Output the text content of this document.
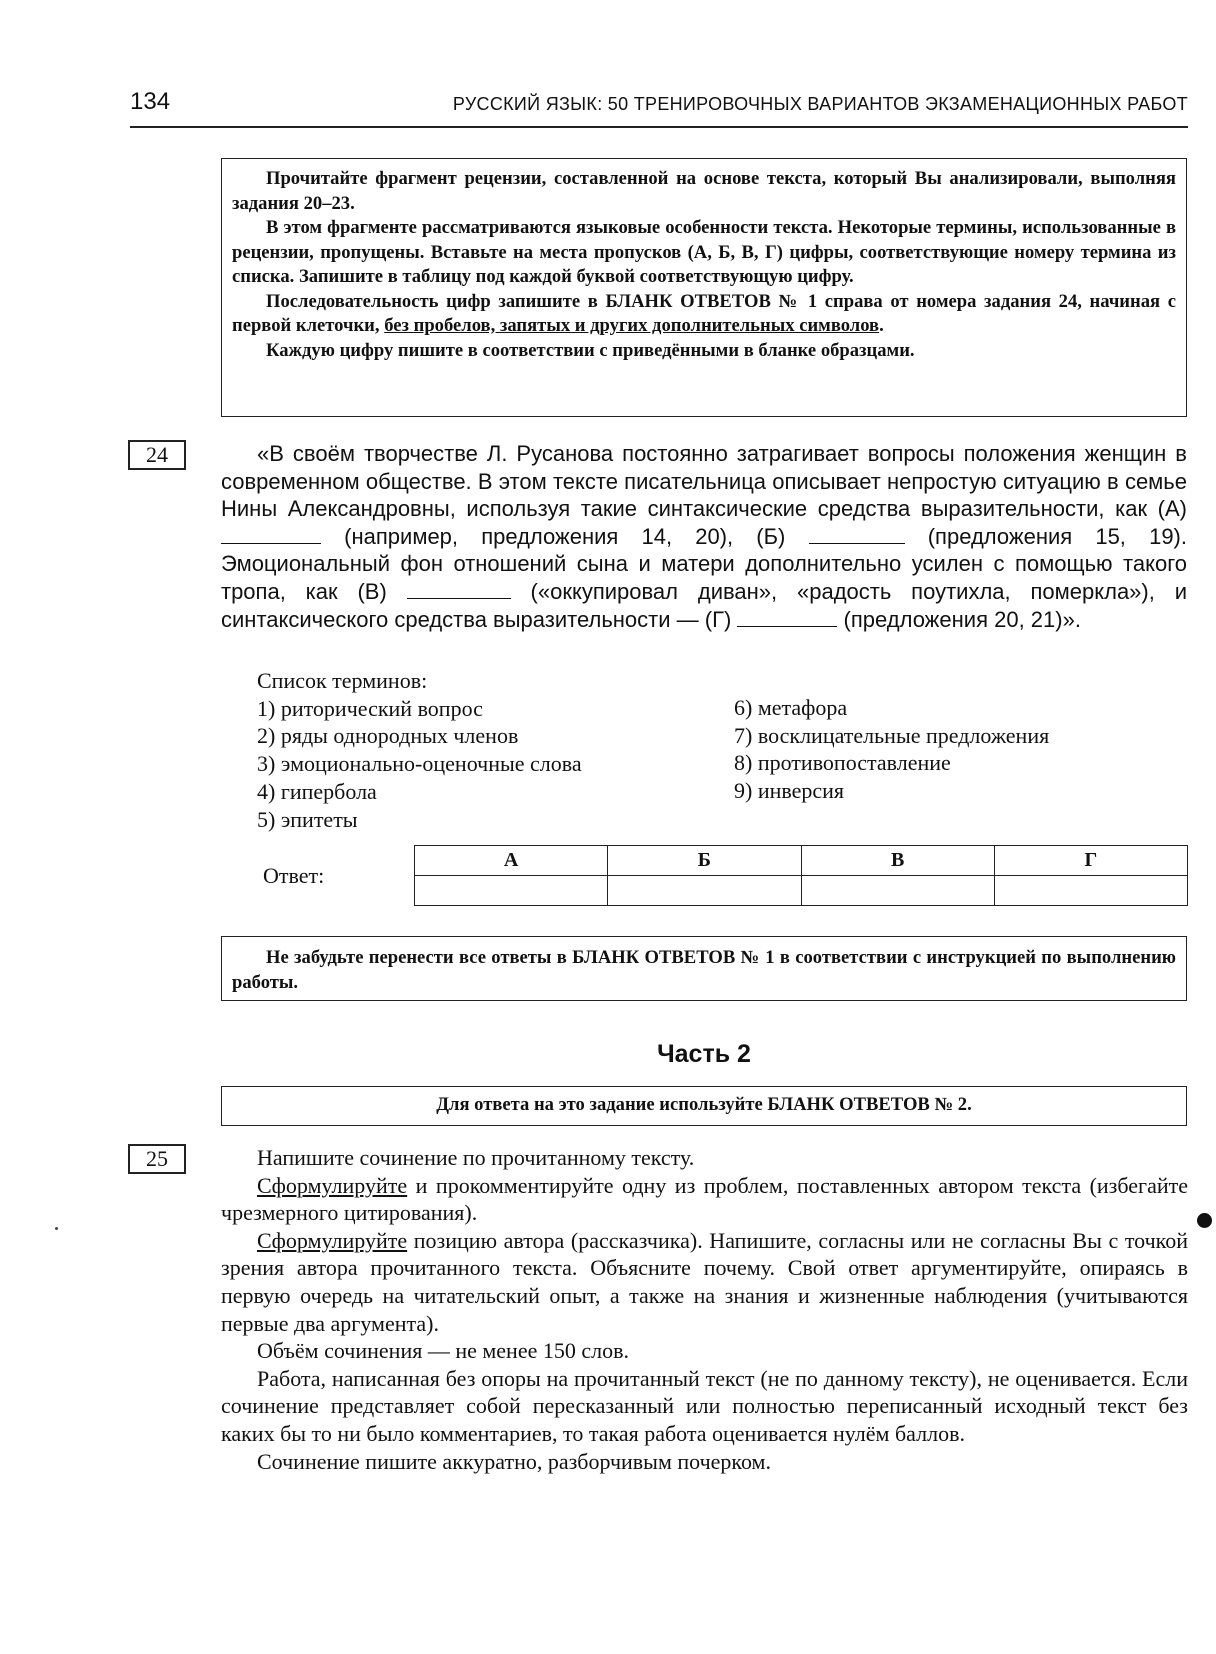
134	РУССКИЙ ЯЗЫК: 50 ТРЕНИРОВОЧНЫХ ВАРИАНТОВ ЭКЗАМЕНАЦИОННЫХ РАБОТ

Прочитайте фрагмент рецензии, составленной на основе текста, который Вы анализировали, выполняя задания 20–23.

В этом фрагменте рассматриваются языковые особенности текста. Некоторые термины, использованные в рецензии, пропущены. Вставьте на места пропусков (А, Б, В, Г) цифры, соответствующие номеру термина из списка. Запишите в таблицу под каждой буквой соответствующую цифру.

Последовательность цифр запишите в БЛАНК ОТВЕТОВ № 1 справа от номера задания 24, начиная с первой клеточки, без пробелов, запятых и других дополнительных символов.

Каждую цифру пишите в соответствии с приведёнными в бланке образцами.

24	«В своём творчестве Л. Русанова постоянно затрагивает вопросы положения женщин в современном обществе. В этом тексте писательница описывает непростую ситуацию в семье Нины Александровны, используя такие синтаксические средства выразительности, как (А)  (например, предложения 14, 20), (Б)	(предложения 15, 19). Эмоциональный фон отношений сына и матери дополнительно усилен с помощью такого тропа, как (В)	(«оккупировал диван», «радость поутихла, померкла»), и синтаксического средства выразительности — (Г)	(предложения 20, 21)».

Список терминов:
1) риторический вопрос
2) ряды однородных членов
3) эмоционально-оценочные слова
4) гипербола
5) эпитеты
6) метафора
7) восклицательные предложения
8) противопоставление
9) инверсия
Ответ:
А	Б	В	Г

Не забудьте перенести все ответы в БЛАНК ОТВЕТОВ № 1 в соответствии с инструкцией по выполнению работы.

Часть 2
Для ответа на это задание используйте БЛАНК ОТВЕТОВ № 2.
25	Напишите сочинение по прочитанному тексту.

Сформулируйте и прокомментируйте одну из проблем, поставленных автором текста (избегайте чрезмерного цитирования).

Сформулируйте позицию автора (рассказчика). Напишите, согласны или не согласны Вы с точкой зрения автора прочитанного текста. Объясните почему. Свой ответ аргументируйте, опираясь в первую очередь на читательский опыт, а также на знания и жизненные наблюдения (учитываются первые два аргумента).

Объём сочинения — не менее 150 слов.

Работа, написанная без опоры на прочитанный текст (не по данному тексту), не оценивается. Если сочинение представляет собой пересказанный или полностью переписанный исходный текст без каких бы то ни было комментариев, то такая работа оценивается нулём баллов.

Сочинение пишите аккуратно, разборчивым почерком.
